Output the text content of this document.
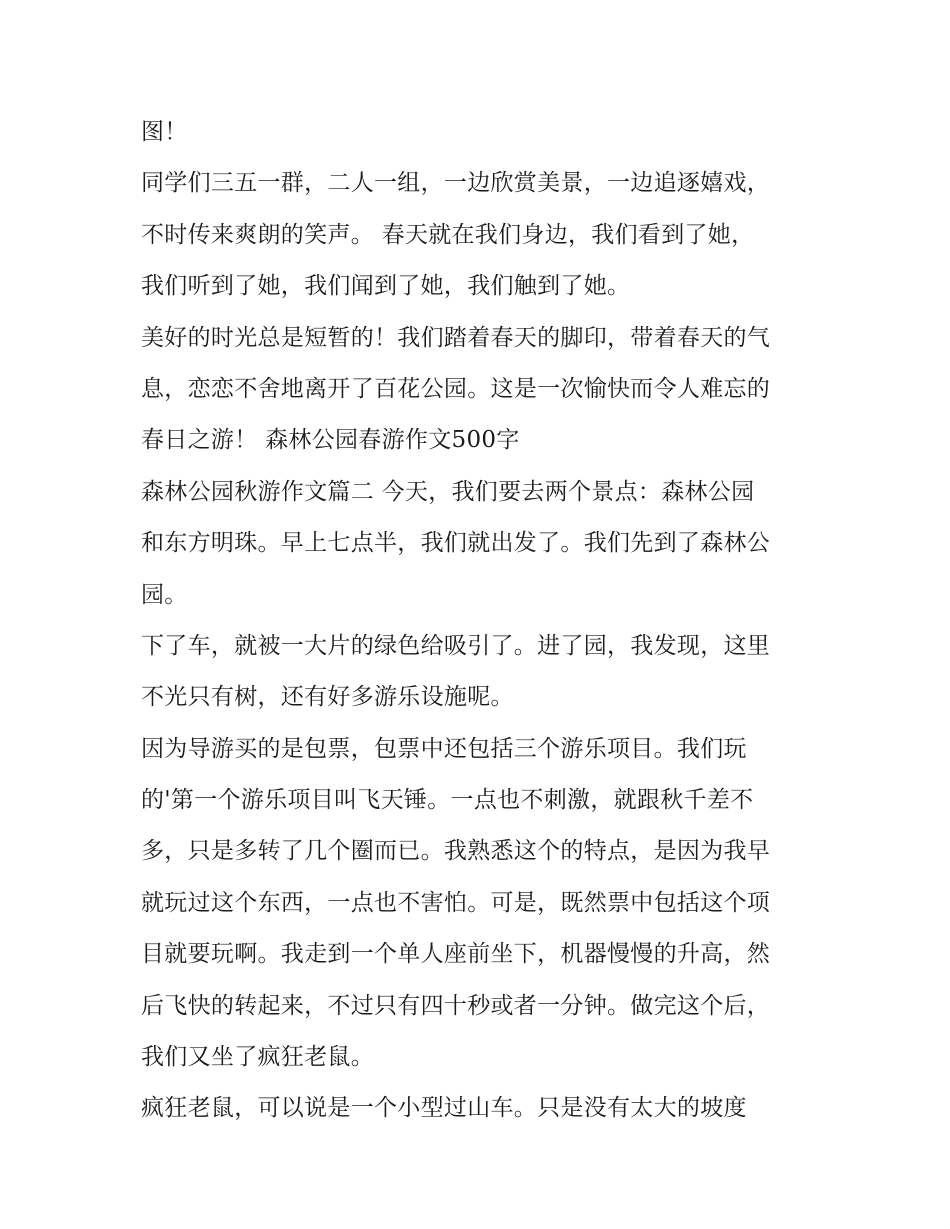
图！
同学们三五一群，二人一组，一边欣赏美景，一边追逐嬉戏，
不时传来爽朗的笑声。 春天就在我们身边，我们看到了她，
我们听到了她，我们闻到了她，我们触到了她。
美好的时光总是短暂的！我们踏着春天的脚印，带着春天的气
息，恋恋不舍地离开了百花公园。这是一次愉快而令人难忘的
春日之游！ 森林公园春游作文500字
森林公园秋游作文篇二 今天，我们要去两个景点：森林公园
和东方明珠。早上七点半，我们就出发了。我们先到了森林公
园。
下了车，就被一大片的绿色给吸引了。进了园，我发现，这里
不光只有树，还有好多游乐设施呢。
因为导游买的是包票，包票中还包括三个游乐项目。我们玩
的'第一个游乐项目叫飞天锤。一点也不刺激，就跟秋千差不
多，只是多转了几个圈而已。我熟悉这个的特点，是因为我早
就玩过这个东西，一点也不害怕。可是，既然票中包括这个项
目就要玩啊。我走到一个单人座前坐下，机器慢慢的升高，然
后飞快的转起来，不过只有四十秒或者一分钟。做完这个后，
我们又坐了疯狂老鼠。
疯狂老鼠，可以说是一个小型过山车。只是没有太大的坡度
